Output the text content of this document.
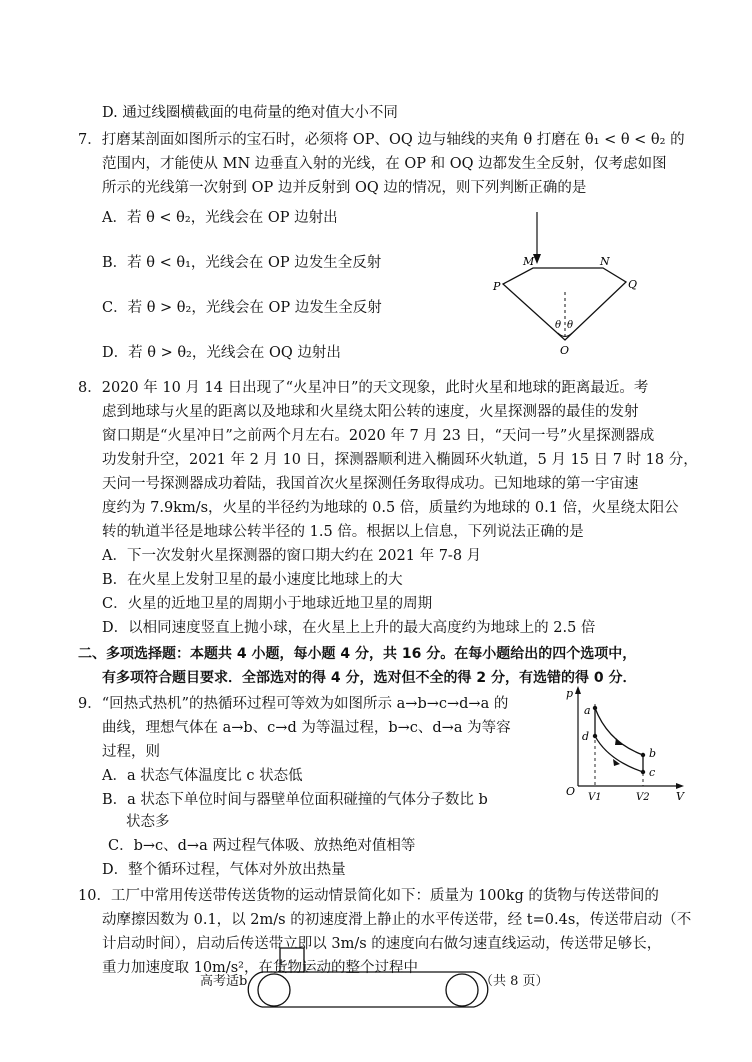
D. 通过线圈横截面的电荷量的绝对值大小不同
7．打磨某剖面如图所示的宝石时，必须将 OP、OQ 边与轴线的夹角 θ 打磨在 θ₁ < θ < θ₂ 的
范围内，才能使从 MN 边垂直入射的光线，在 OP 和 OQ 边都发生全反射，仅考虑如图
所示的光线第一次射到 OP 边并反射到 OQ 边的情况，则下列判断正确的是
A．若 θ < θ₂，光线会在 OP 边射出
B．若 θ < θ₁，光线会在 OP 边发生全反射
C．若 θ > θ₂，光线会在 OP 边发生全反射
D．若 θ > θ₂，光线会在 OQ 边射出
M	N
P	Q
O
θ θ
8．2020 年 10 月 14 日出现了“火星冲日”的天文现象，此时火星和地球的距离最近。考
虑到地球与火星的距离以及地球和火星绕太阳公转的速度，火星探测器的最佳的发射
窗口期是“火星冲日”之前两个月左右。2020 年 7 月 23 日，“天问一号”火星探测器成
功发射升空，2021 年 2 月 10 日，探测器顺利进入椭圆环火轨道，5 月 15 日 7 时 18 分，
天问一号探测器成功着陆，我国首次火星探测任务取得成功。已知地球的第一宇宙速
度约为 7.9km/s，火星的半径约为地球的 0.5 倍，质量约为地球的 0.1 倍，火星绕太阳公
转的轨道半径是地球公转半径的 1.5 倍。根据以上信息，下列说法正确的是
A．下一次发射火星探测器的窗口期大约在 2021 年 7-8 月
B．在火星上发射卫星的最小速度比地球上的大
C．火星的近地卫星的周期小于地球近地卫星的周期
D．以相同速度竖直上抛小球，在火星上上升的最大高度约为地球上的 2.5 倍
二、多项选择题：本题共 4 小题，每小题 4 分，共 16 分。在每小题给出的四个选项中，
有多项符合题目要求．全部选对的得 4 分，选对但不全的得 2 分，有选错的得 0 分．
9．“回热式热机”的热循环过程可等效为如图所示 a→b→c→d→a 的
曲线，理想气体在 a→b、c→d 为等温过程，b→c、d→a 为等容
过程，则
A．a 状态气体温度比 c 状态低
B．a 状态下单位时间与器壁单位面积碰撞的气体分子数比 b
状态多
C．b→c、d→a 两过程气体吸、放热绝对值相等
D．整个循环过程，气体对外放出热量
p
V
O
a
d
b
c
V1	V2
10．工厂中常用传送带传送货物的运动情景简化如下：质量为 100kg 的货物与传送带间的
动摩擦因数为 0.1，以 2m/s 的初速度滑上静止的水平传送带，经 t=0.4s，传送带启动（不
计启动时间），启动后传送带立即以 3m/s 的速度向右做匀速直线运动，传送带足够长，
重力加速度取 10m/s²，在货物运动的整个过程中
高考适b	（共 8 页）
